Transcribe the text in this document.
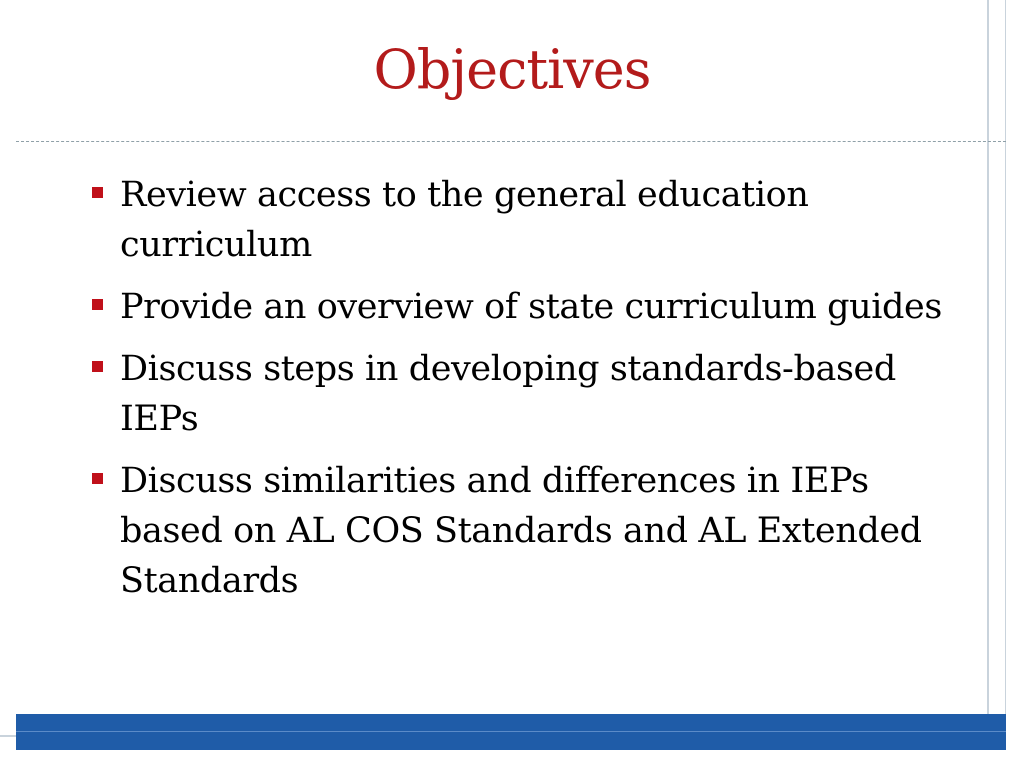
Objectives
Review access to the general education curriculum
Provide an overview of state curriculum guides
Discuss steps in developing standards-based IEPs
Discuss similarities and differences in IEPs based on AL COS Standards and AL Extended Standards
